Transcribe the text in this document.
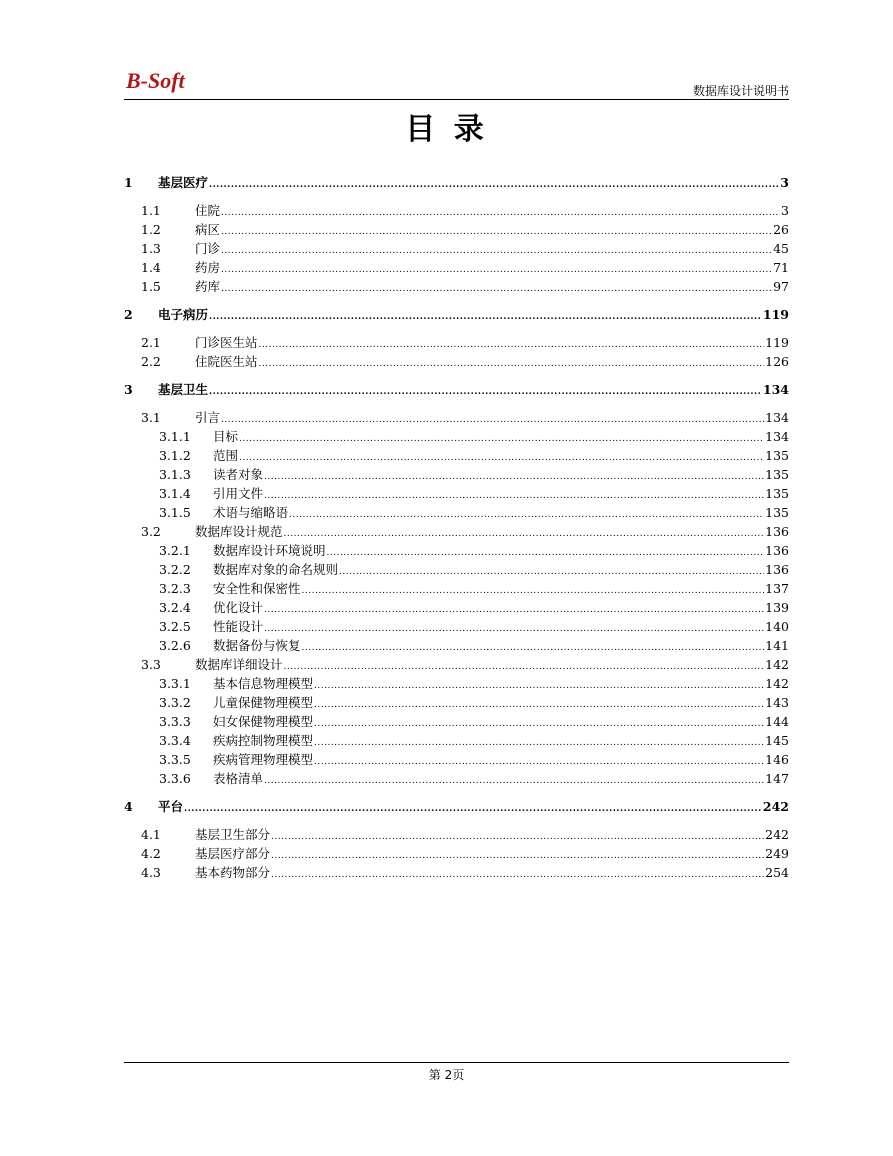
B-Soft	数据库设计说明书
目 录
1	基层医疗 .....	3
1.1	住院 .....	3
1.2	病区 .....	26
1.3	门诊 .....	45
1.4	药房 .....	71
1.5	药库 .....	97
2	电子病历 .....	119
2.1	门诊医生站 .....	119
2.2	住院医生站 .....	126
3	基层卫生 .....	134
3.1	引言 .....	134
3.1.1	目标 .....	134
3.1.2	范围 .....	135
3.1.3	读者对象 .....	135
3.1.4	引用文件 .....	135
3.1.5	术语与缩略语 .....	135
3.2	数据库设计规范 .....	136
3.2.1	数据库设计环境说明 .....	136
3.2.2	数据库对象的命名规则 .....	136
3.2.3	安全性和保密性 .....	137
3.2.4	优化设计 .....	139
3.2.5	性能设计 .....	140
3.2.6	数据备份与恢复 .....	141
3.3	数据库详细设计 .....	142
3.3.1	基本信息物理模型 .....	142
3.3.2	儿童保健物理模型 .....	143
3.3.3	妇女保健物理模型 .....	144
3.3.4	疾病控制物理模型 .....	145
3.3.5	疾病管理物理模型 .....	146
3.3.6	表格清单 .....	147
4	平台 .....	242
4.1	基层卫生部分 .....	242
4.2	基层医疗部分 .....	249
4.3	基本药物部分 .....	254
第 2页
